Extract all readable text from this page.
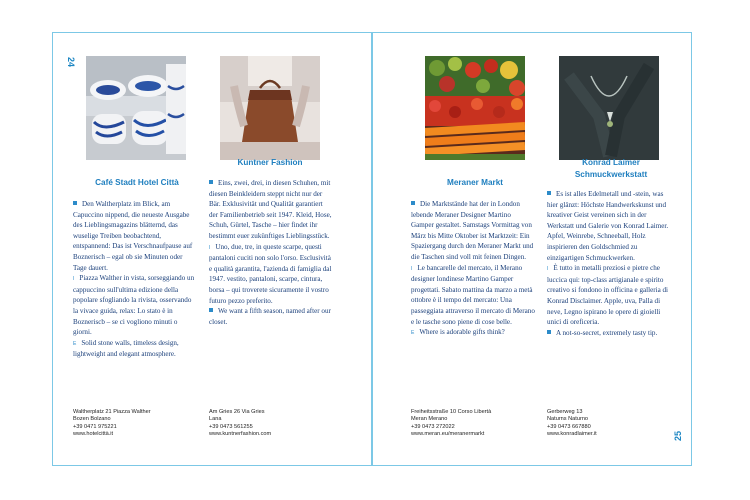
24
Café Stadt Hotel Città

Den Waltherplatz im Blick, am Capuccino nippend, die neueste Ausgabe des Lieblingsmagazins blätternd, das wuselige Treiben beobachtend, entspannend: Das ist Verschnaufpause auf Boznerisch – egal ob sie Minuten oder Tage dauert.

I Piazza Walther in vista, sorseggiando un cappuccino sull'ultima edizione della popolare sfogliando la rivista, osservando la vivace guida, relax: Lo stato è in Bozneriscb – se ci vogliono minuti o giorni.

E Solid stone walls, timeless design, lightweight and elegant atmosphere.

Waltherplatz 21 Piazza Walther
Bozen Bolzano
+39 0471 975221
www.hotelcittà.it
Kuntner Fashion

Eins, zwei, drei, in diesen Schuhen, mit diesen Beinkleidern steppt nicht nur der Bär. Exklusivität und Qualität garantiert der Familienbetrieb seit 1947. Kleid, Hose, Schuh, Gürtel, Tasche – hier findet ihr bestimmt euer zukünftiges Lieblingsstück.

I Uno, due, tre, in queste scarpe, questi pantaloni cuciti non solo l'orso. Esclusività e qualità garantita, l'azienda di famiglia dal 1947. vestito, pantaloni, scarpe, cintura, borsa – qui troverete sicuramente il vostro futuro pezzo preferito.

We want a fifth season, named after our closet.

Am Gries 26 Via Gries
Lana
+39 0473 561255
www.kuntnerfashion.com	25
Meraner Markt

Die Marktstände hat der in London lebende Meraner Designer Martino Gamper gestaltet. Samstags Vormittag von März bis Mitte Oktober ist Marktzeit: Ein Spaziergang durch den Meraner Markt und die Taschen sind voll mit feinen Dingen.

I Le bancarelle del mercato, il Merano designer londinese Martino Gamper progettati. Sabato mattina da marzo a metà ottobre è il tempo del mercato: Una passeggiata attraverso il mercato di Merano e le tasche sono piene di cose belle.

E Where is adorable gifts think?

Freiheitsstraße 10 Corso Libertà
Meran Merano
+39 0473 272022
www.meran.eu/meranermarkt
Konrad Laimer Schmuckwerkstatt

Es ist alles Edelmetall und -stein, was hier glänzt: Höchste Handwerkskunst und kreativer Geist vereinen sich in der Werkstatt und Galerie von Konrad Laimer. Apfel, Weinrebe, Schneeball, Holz inspirieren den Goldschmied zu einzigartigen Schmuckwerken.

I È tutto in metalli preziosi e pietre che luccica qui: top-class artigianale e spirito creativo si fondono in officina e galleria di Konrad Disclaimer. Apple, uva, Palla di neve, Legno ispirano le opere di gioielli unici di oreficeria.

A not-so-secret, extremely tasty tip.

Gerberweg 13
Naturns Naturno
+39 0473 667880
www.konradlaimer.it
